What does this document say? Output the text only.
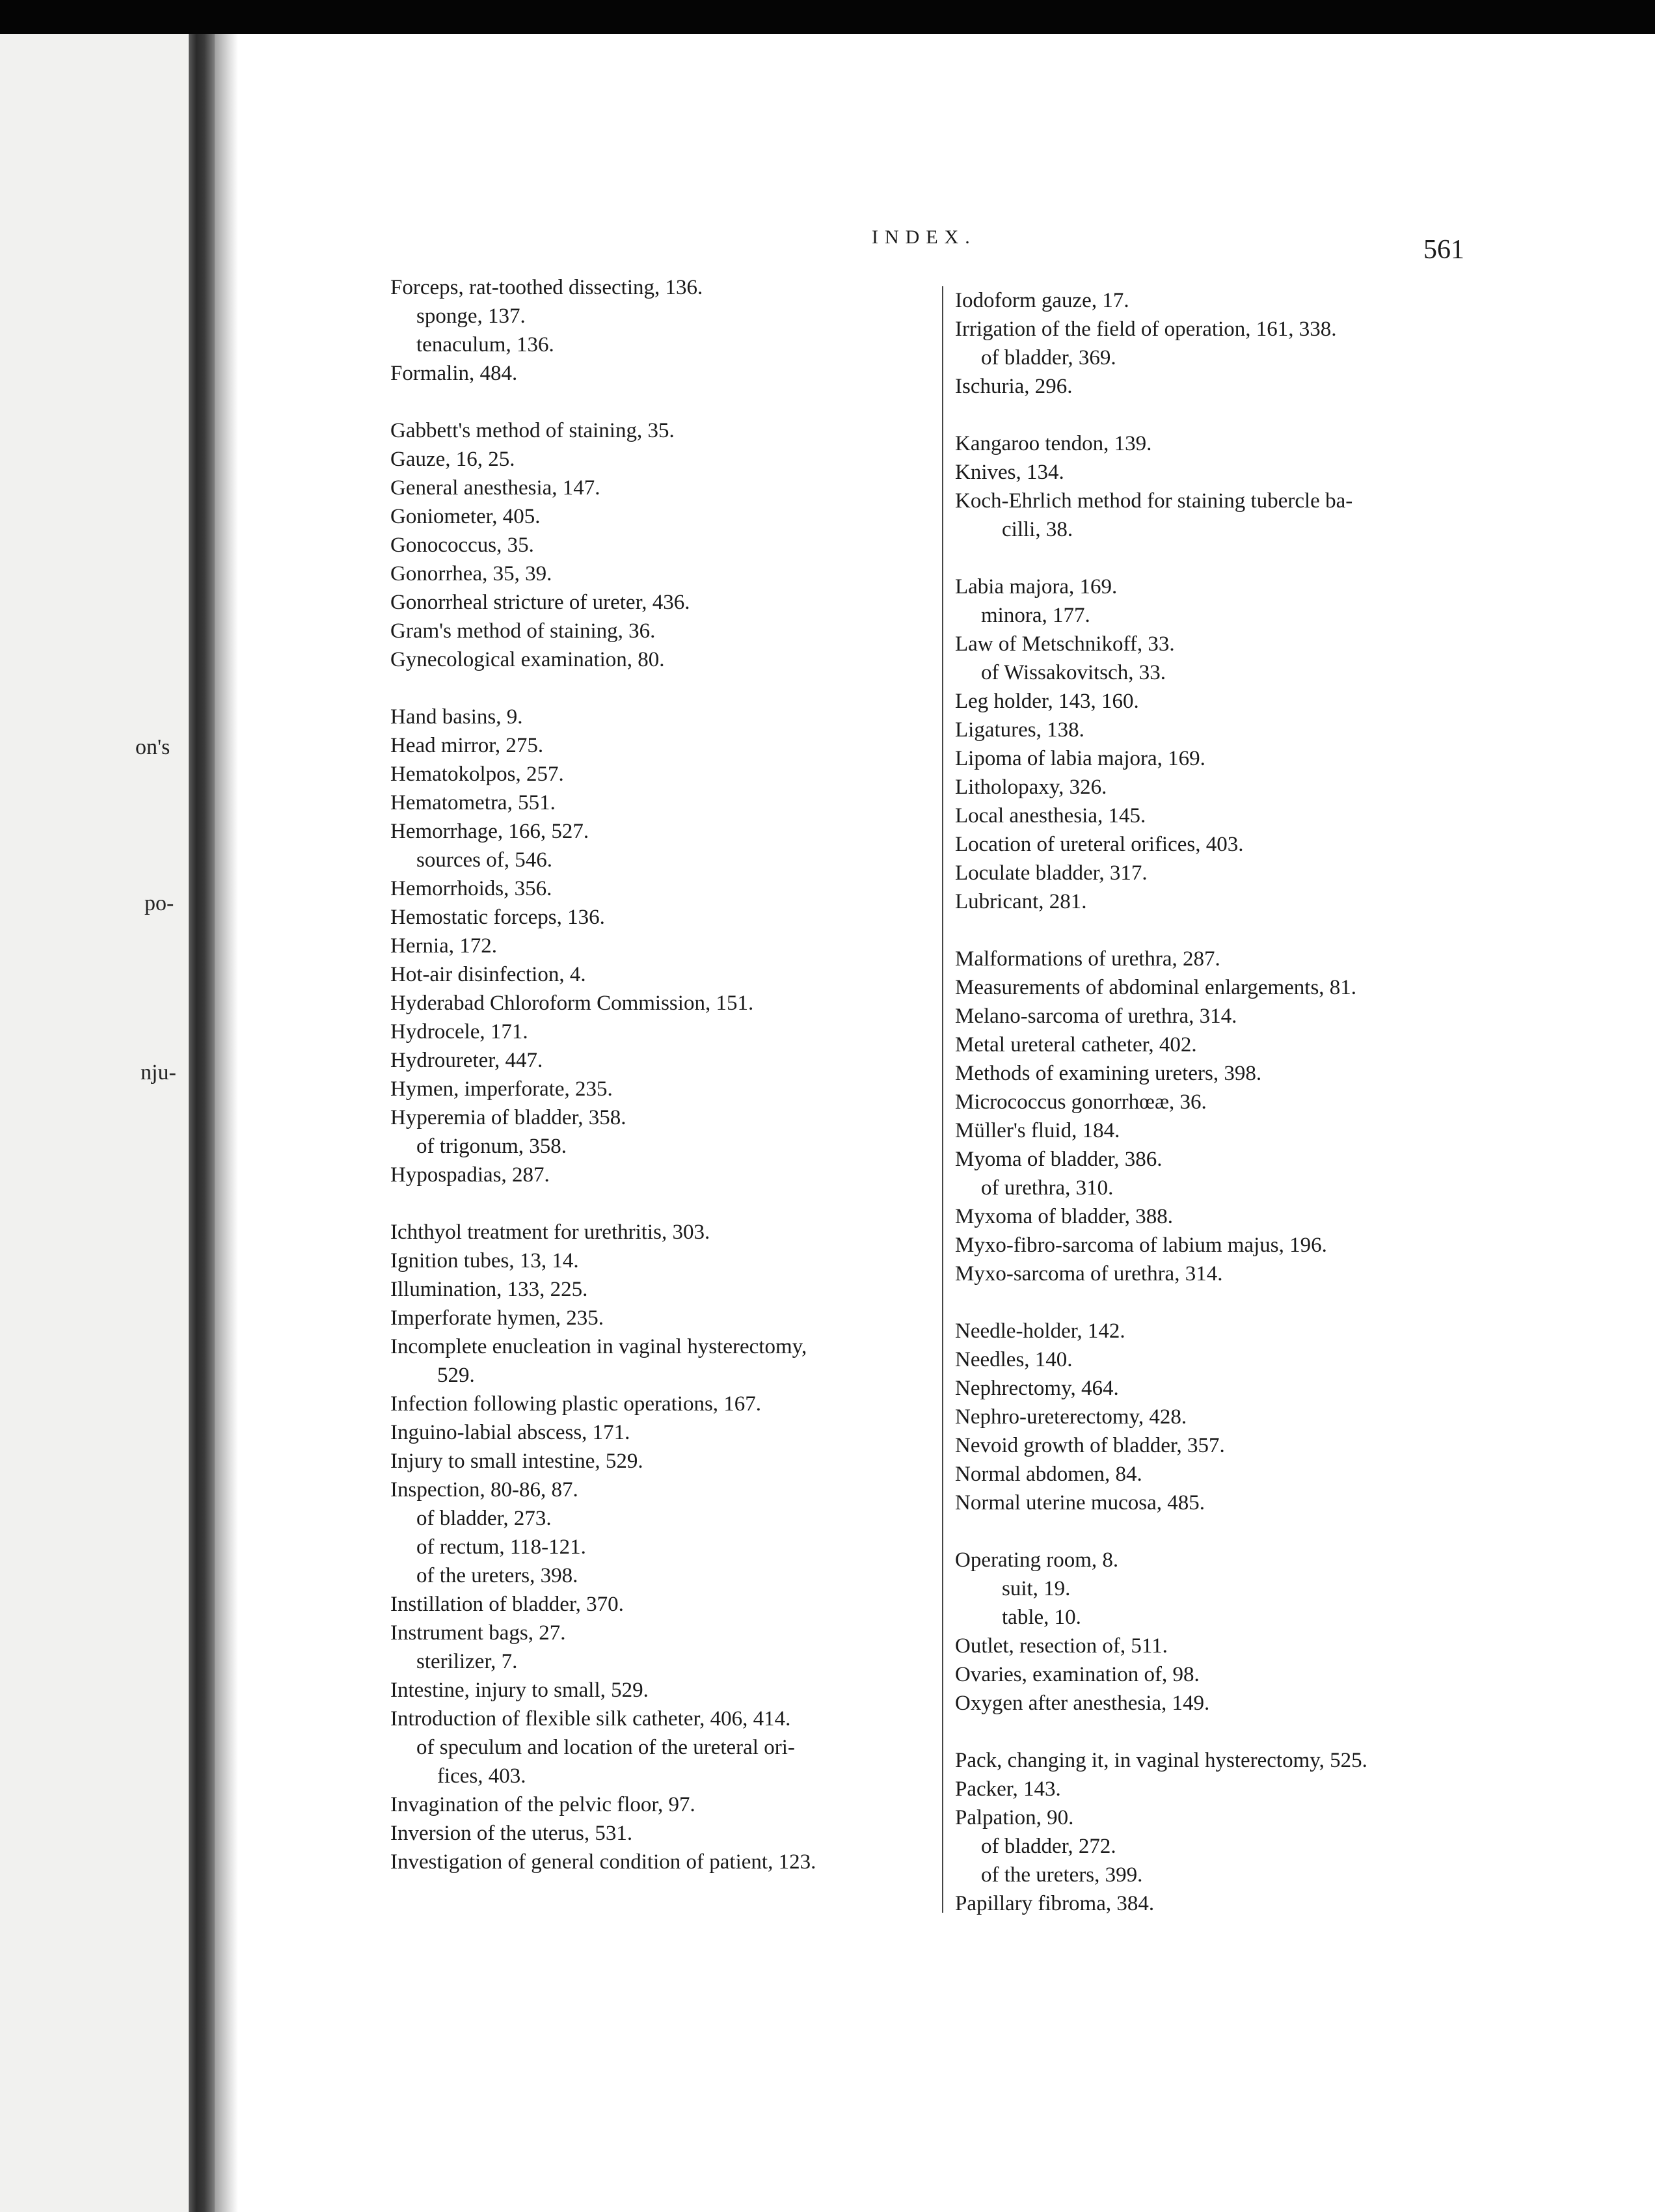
on's
po-
nju-
INDEX.	561
Forceps, rat-toothed dissecting, 136.
sponge, 137.
tenaculum, 136.
Formalin, 484.
Gabbett's method of staining, 35.
Gauze, 16, 25.
General anesthesia, 147.
Goniometer, 405.
Gonococcus, 35.
Gonorrhea, 35, 39.
Gonorrheal stricture of ureter, 436.
Gram's method of staining, 36.
Gynecological examination, 80.
Hand basins, 9.
Head mirror, 275.
Hematokolpos, 257.
Hematometra, 551.
Hemorrhage, 166, 527.
sources of, 546.
Hemorrhoids, 356.
Hemostatic forceps, 136.
Hernia, 172.
Hot-air disinfection, 4.
Hyderabad Chloroform Commission, 151.
Hydrocele, 171.
Hydroureter, 447.
Hymen, imperforate, 235.
Hyperemia of bladder, 358.
of trigonum, 358.
Hypospadias, 287.
Ichthyol treatment for urethritis, 303.
Ignition tubes, 13, 14.
Illumination, 133, 225.
Imperforate hymen, 235.
Incomplete enucleation in vaginal hysterectomy,
529.
Infection following plastic operations, 167.
Inguino-labial abscess, 171.
Injury to small intestine, 529.
Inspection, 80-86, 87.
of bladder, 273.
of rectum, 118-121.
of the ureters, 398.
Instillation of bladder, 370.
Instrument bags, 27.
sterilizer, 7.
Intestine, injury to small, 529.
Introduction of flexible silk catheter, 406, 414.
of speculum and location of the ureteral ori-
fices, 403.
Invagination of the pelvic floor, 97.
Inversion of the uterus, 531.
Investigation of general condition of patient, 123.
Iodoform gauze, 17.
Irrigation of the field of operation, 161, 338.
of bladder, 369.
Ischuria, 296.
Kangaroo tendon, 139.
Knives, 134.
Koch-Ehrlich method for staining tubercle ba-
cilli, 38.
Labia majora, 169.
minora, 177.
Law of Metschnikoff, 33.
of Wissakovitsch, 33.
Leg holder, 143, 160.
Ligatures, 138.
Lipoma of labia majora, 169.
Litholopaxy, 326.
Local anesthesia, 145.
Location of ureteral orifices, 403.
Loculate bladder, 317.
Lubricant, 281.
Malformations of urethra, 287.
Measurements of abdominal enlargements, 81.
Melano-sarcoma of urethra, 314.
Metal ureteral catheter, 402.
Methods of examining ureters, 398.
Micrococcus gonorrhœæ, 36.
Müller's fluid, 184.
Myoma of bladder, 386.
of urethra, 310.
Myxoma of bladder, 388.
Myxo-fibro-sarcoma of labium majus, 196.
Myxo-sarcoma of urethra, 314.
Needle-holder, 142.
Needles, 140.
Nephrectomy, 464.
Nephro-ureterectomy, 428.
Nevoid growth of bladder, 357.
Normal abdomen, 84.
Normal uterine mucosa, 485.
Operating room, 8.
suit, 19.
table, 10.
Outlet, resection of, 511.
Ovaries, examination of, 98.
Oxygen after anesthesia, 149.
Pack, changing it, in vaginal hysterectomy, 525.
Packer, 143.
Palpation, 90.
of bladder, 272.
of the ureters, 399.
Papillary fibroma, 384.
